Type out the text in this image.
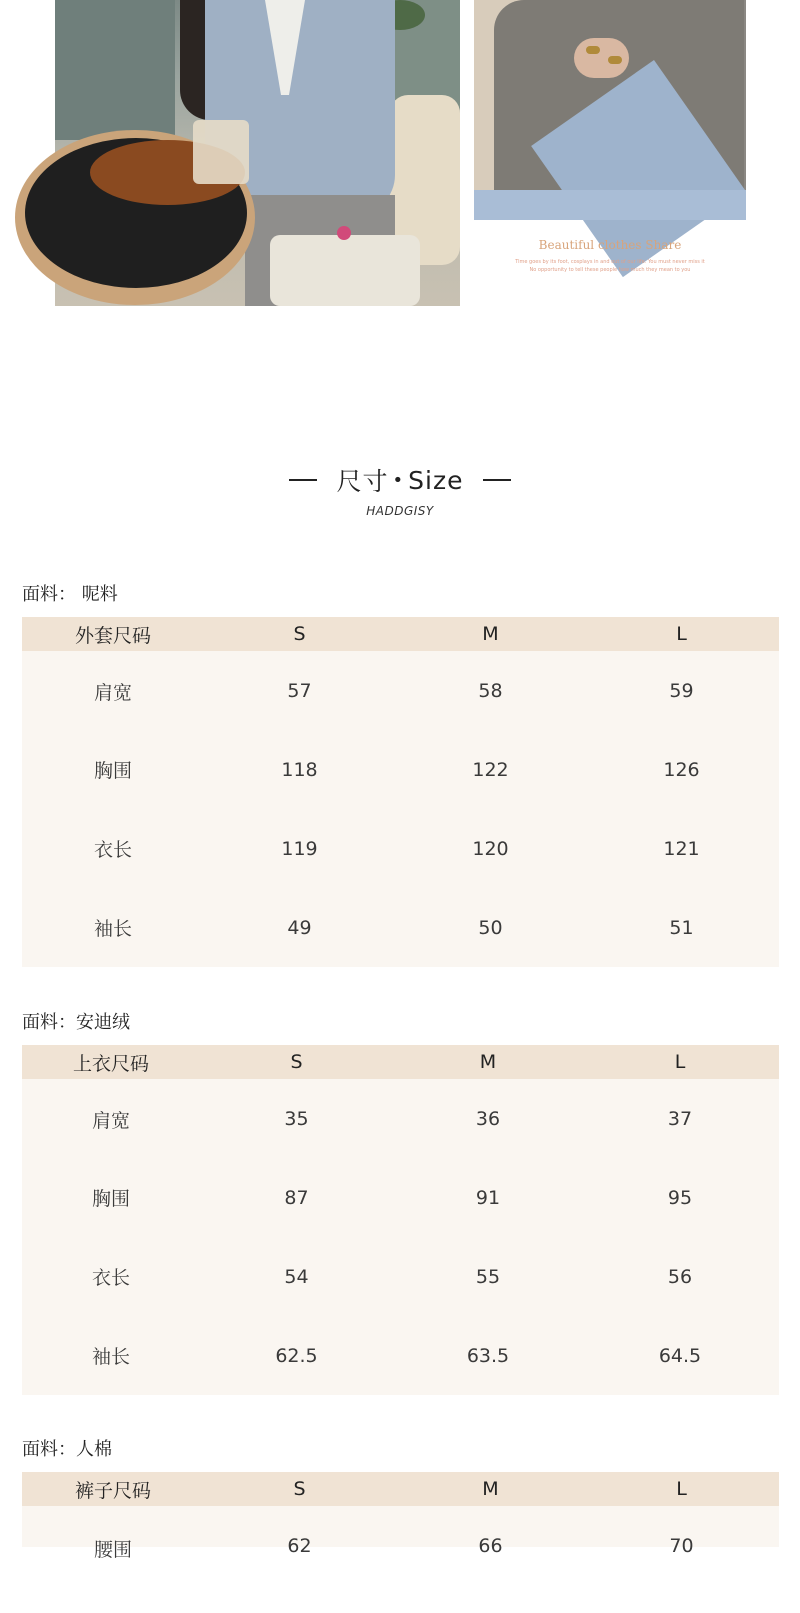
Beautiful clothes Share
Time goes by its foot, cosplays in and out of our life. You must never miss it
No opportunity to tell these people how much they mean to you
尺寸 • Size
HADDGISY
面料： 呢料
外套尺码	S	M	L
肩宽	57	58	59
胸围	118	122	126
衣长	119	120	121
袖长	49	50	51
面料：安迪绒
上衣尺码	S	M	L
肩宽	35	36	37
胸围	87	91	95
衣长	54	55	56
袖长	62.5	63.5	64.5
面料：人棉
裤子尺码	S	M	L
腰围	62	66	70
